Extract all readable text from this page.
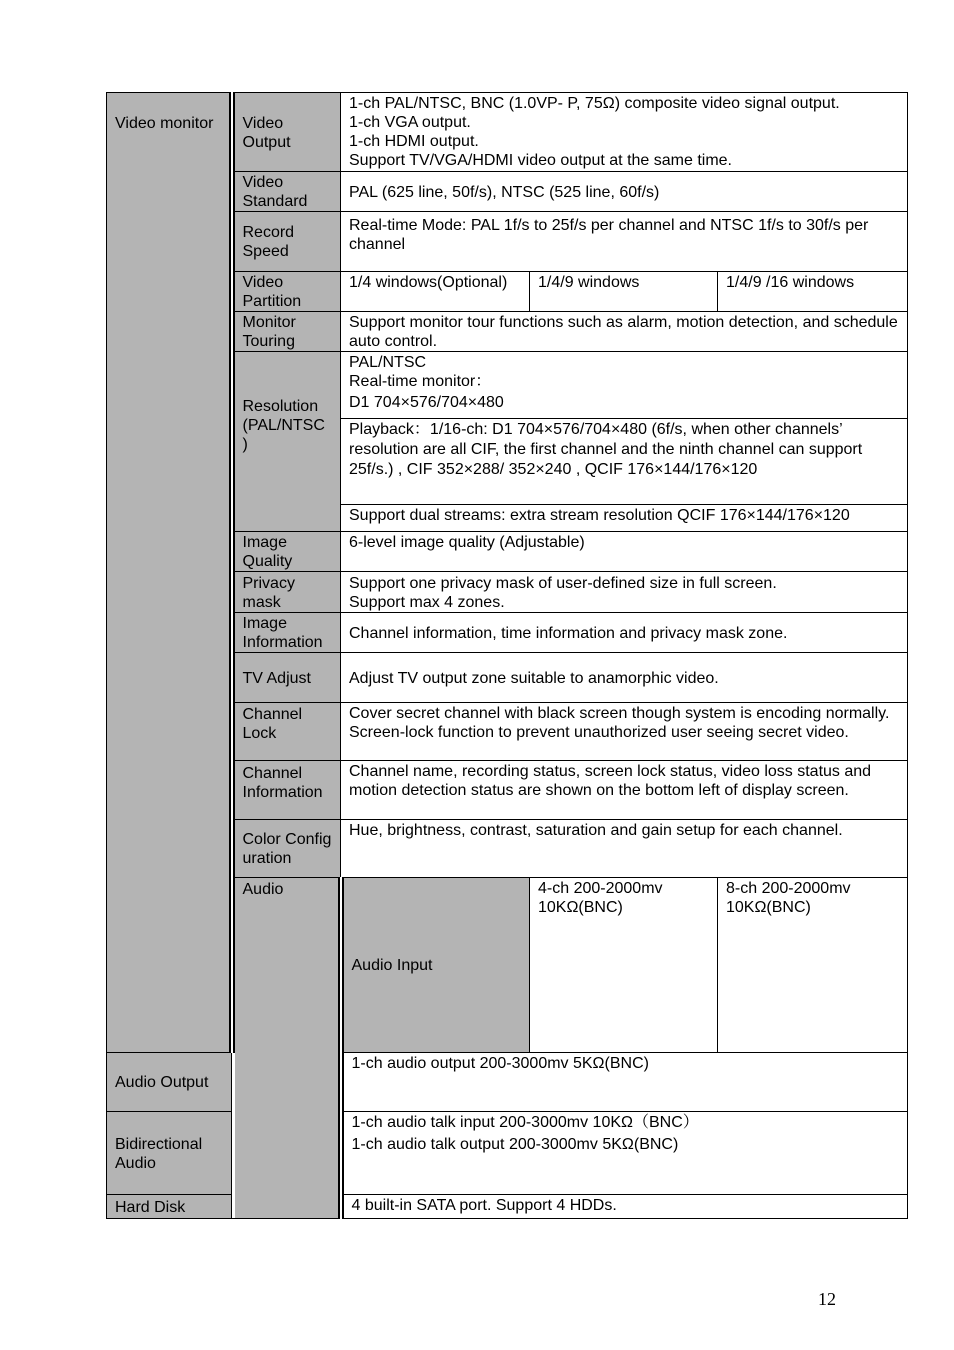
Video monitor	Video Output	1-ch PAL/NTSC, BNC (1.0VP- P, 75Ω) composite video signal output.
1-ch VGA output.
1-ch HDMI output.
Support TV/VGA/HDMI video output at the same time.			

	Video Standard	PAL (625 line, 50f/s), NTSC (525 line, 60f/s)			
	Record Speed	Real-time Mode: PAL 1f/s to 25f/s per channel and NTSC 1f/s to 30f/s per channel			

	Video Partition	1/4 windows(Optional)	1/4/9 windows	1/4/9 /16 windows	
	Monitor Touring	Support monitor tour functions such as alarm, motion detection, and schedule auto control.			

	Resolution (PAL/NTSC )	PAL/NTSC
Real-time monitor：
D1 704×576/704×480			

		Playback：1/16-ch: D1 704×576/704×480 (6f/s, when other channels’ resolution are all CIF, the first channel and the ninth channel can support 25f/s.) , CIF 352×288/ 352×240 , QCIF 176×144/176×120			

		Support dual streams: extra stream resolution QCIF 176×144/176×120			
	Image Quality	6-level image quality (Adjustable)			
	Privacy mask	Support one privacy mask of user-defined size in full screen.
Support max 4 zones.			

	Image Information	Channel information, time information and privacy mask zone.			
	TV Adjust	Adjust TV output zone suitable to anamorphic video.			

	Channel Lock	Cover secret channel with black screen though system is encoding normally.
Screen-lock function to prevent unauthorized user seeing secret video.			

	Channel Information	Channel name, recording status, screen lock status, video loss status and motion detection status are shown on the bottom left of display screen.			

	Color Configuration	Hue, brightness, contrast, saturation and gain setup for each channel.			

	Audio	Audio Input	4-ch 200-2000mv 10KΩ(BNC)	8-ch 200-2000mv 10KΩ(BNC)	
Audio Output		1-ch audio output 200-3000mv 5KΩ(BNC)			
Bidirectional Audio		1-ch audio talk input 200-3000mv 10KΩ（BNC）
1-ch audio talk output 200-3000mv 5KΩ(BNC)			

Hard Disk		4 built-in SATA port. Support 4 HDDs.			
12
